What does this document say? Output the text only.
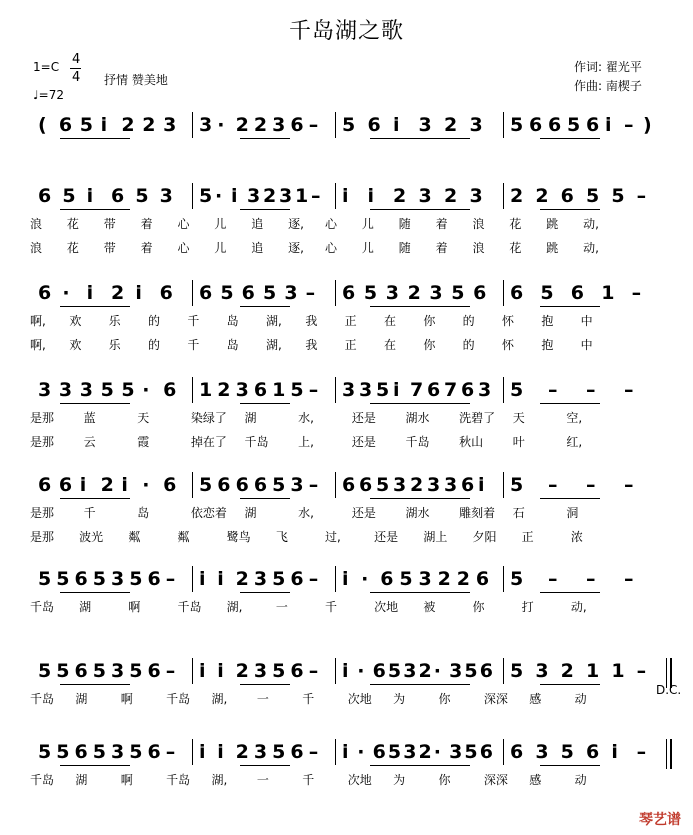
千岛湖之歌
1=C 4
4
♩=72
抒情 赞美地
作词: 翟光平
作曲: 南楔子
( 6 5 i 2 2 3 3 · 2 2 3 6 – 5 6 i 3 2 3 5 6 6 5 6 i – )
6 5 i 6 5 3 5 · i 3 2 3 1 – i i 2 3 2 3 2 2 6 5 5 –
浪 花 带 着 心 儿 追 逐, 心 儿 随 着 浪 花 跳 动,
浪 花 带 着 心 儿 追 逐, 心 儿 随 着 浪 花 跳 动,
6 · i 2 i 6 6 5 6 5 3 – 6 5 3 2 3 5 6 6 5 6 1 –
啊, 欢 乐 的 千 岛 湖, 我 正 在 你 的 怀 抱 中
啊, 欢 乐 的 千 岛 湖, 我 正 在 你 的 怀 抱 中
3 3 3 5 5 · 6 1 2 3 6 1 5 – 3 3 5 i 7 6 7 6 3 5 – – –
是那 蓝	天	染绿了 湖	水,	还是 湖水 洗碧了 天	空,
是那 云	霞	掉在了 千岛 上,	还是 千岛 秋山 叶	红,
6 6 i 2 i · 6 5 6 6 6 5 3 – 6 6 5 3 2 3 3 6 i 5 – – –
是那 千	岛	依恋着 湖	水,	还是 湖水 雕刻着 石	洞
是那 波光 粼	粼	鹭鸟 飞	过,	还是 湖上 夕阳 正	浓
5 5 6 5 3 5 6 – i i 2 3 5 6 – i · 6 5 3 2 2 6 5 – – –
千岛 湖	啊	千岛 湖,	一	千	次地 被	你	打	动,
5 5 6 5 3 5 6 – i i 2 3 5 6 – i · 6 5 3 2 · 3 5 6 5 3 2 1 1 –
千岛 湖	啊	千岛 湖, 一	千	次地 为	你	深深 感	动
5 5 6 5 3 5 6 – i i 2 3 5 6 – i · 6 5 3 2 · 3 5 6 6 3 5 6 i –
千岛 湖	啊	千岛 湖, 一	千	次地 为	你	深深 感	动
D.C.
琴艺谱
